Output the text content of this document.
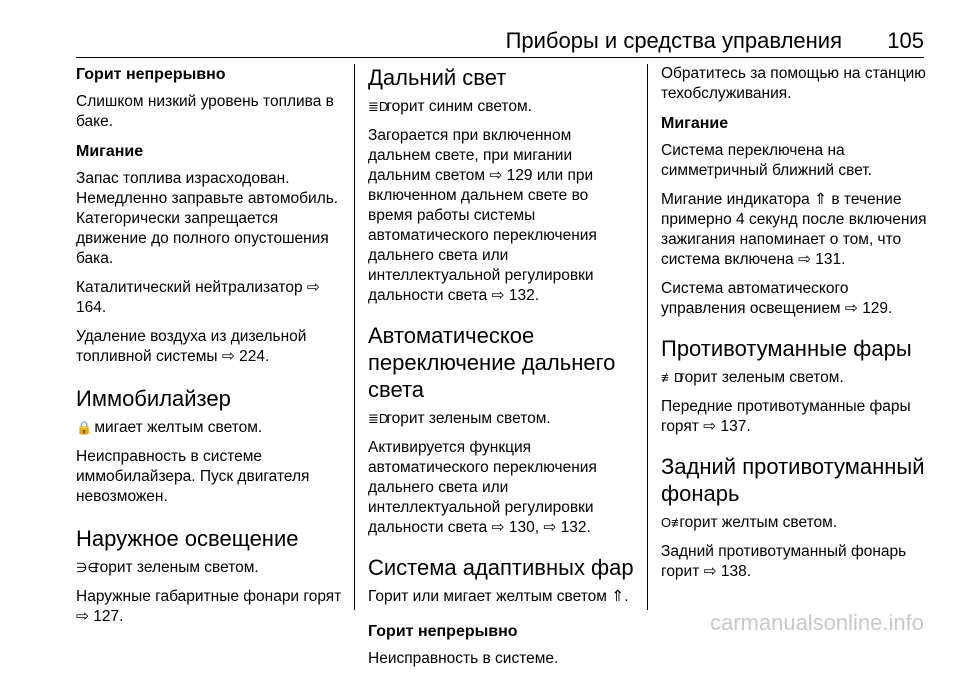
Приборы и средства управления 105
Горит непрерывно

Слишком низкий уровень топлива в баке.

Мигание

Запас топлива израсходован. Немедленно заправьте автомобиль. Категорически запрещается движение до полного опустошения бака.

Каталитический нейтрализатор ⇨ 164.

Удаление воздуха из дизельной топливной системы ⇨ 224.

Иммобилайзер

🔒 мигает желтым светом.

Неисправность в системе иммобилайзера. Пуск двигателя невозможен.

Наружное освещение

∋∈ горит зеленым светом.

Наружные габаритные фонари горят ⇨ 127.

Дальний свет

≣D горит синим светом.

Загорается при включенном дальнем свете, при мигании дальним светом ⇨ 129 или при включенном дальнем свете во время работы системы автоматического переключения дальнего света или интеллектуальной регулировки дальности света ⇨ 132.

Автоматическое переключение дальнего света

≣D горит зеленым светом.

Активируется функция автоматического переключения дальнего света или интеллектуальной регулировки дальности света ⇨ 130, ⇨ 132.

Система адаптивных фар

Горит или мигает желтым светом ⇑.

Горит непрерывно

Неисправность в системе.

Обратитесь за помощью на станцию техобслуживания.

Мигание

Система переключена на симметричный ближний свет.

Мигание индикатора ⇑ в течение примерно 4 секунд после включения зажигания напоминает о том, что система включена ⇨ 131.

Система автоматического управления освещением ⇨ 129.

Противотуманные фары

≢D горит зеленым светом.

Передние противотуманные фары горят ⇨ 137.

Задний противотуманный фонарь

O≢ горит желтым светом.

Задний противотуманный фонарь горит ⇨ 138.

carmanualsonline.info
